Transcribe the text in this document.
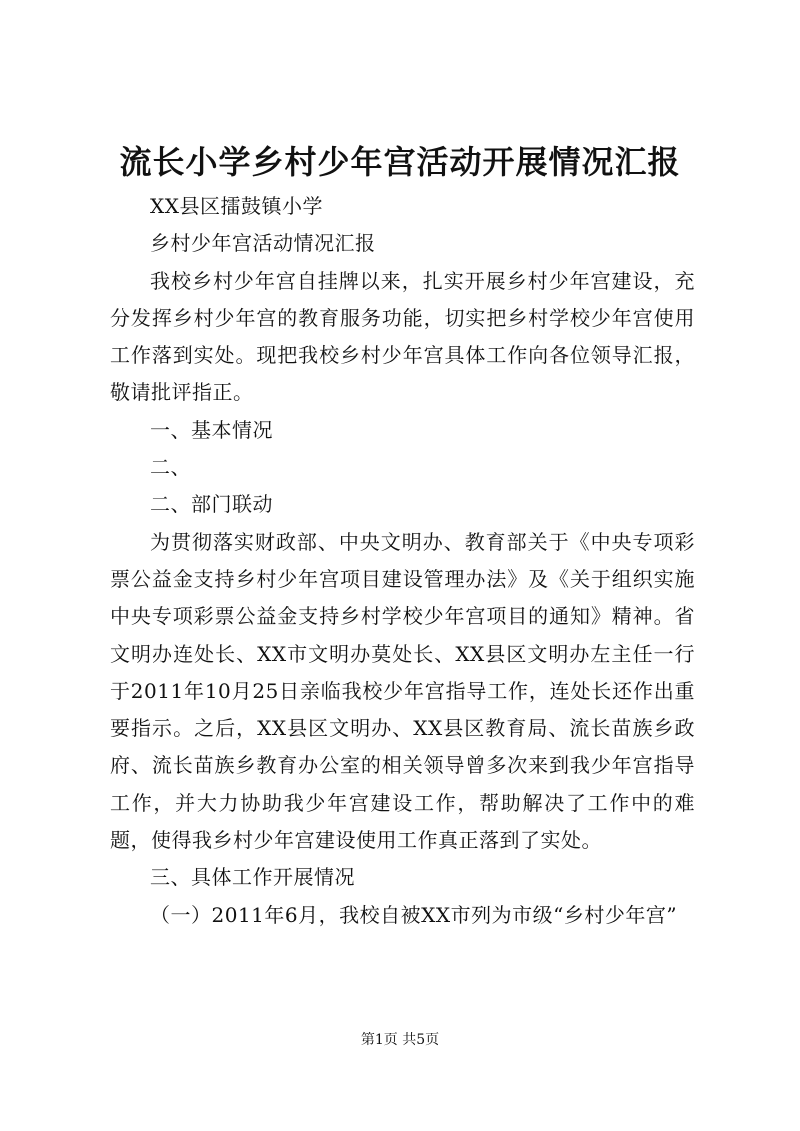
流长小学乡村少年宫活动开展情况汇报

XX县区擂鼓镇小学

乡村少年宫活动情况汇报

我校乡村少年宫自挂牌以来，扎实开展乡村少年宫建设，充分发挥乡村少年宫的教育服务功能，切实把乡村学校少年宫使用工作落到实处。现把我校乡村少年宫具体工作向各位领导汇报，敬请批评指正。

一、基本情况

二、

二、部门联动

为贯彻落实财政部、中央文明办、教育部关于《中央专项彩票公益金支持乡村少年宫项目建设管理办法》及《关于组织实施中央专项彩票公益金支持乡村学校少年宫项目的通知》精神。省文明办连处长、XX市文明办莫处长、XX县区文明办左主任一行于2011年10月25日亲临我校少年宫指导工作，连处长还作出重要指示。之后，XX县区文明办、XX县区教育局、流长苗族乡政府、流长苗族乡教育办公室的相关领导曾多次来到我少年宫指导工作，并大力协助我少年宫建设工作，帮助解决了工作中的难题，使得我乡村少年宫建设使用工作真正落到了实处。

三、具体工作开展情况

（一）2011年6月，我校自被XX市列为市级“乡村少年宫”

第1页 共5页
